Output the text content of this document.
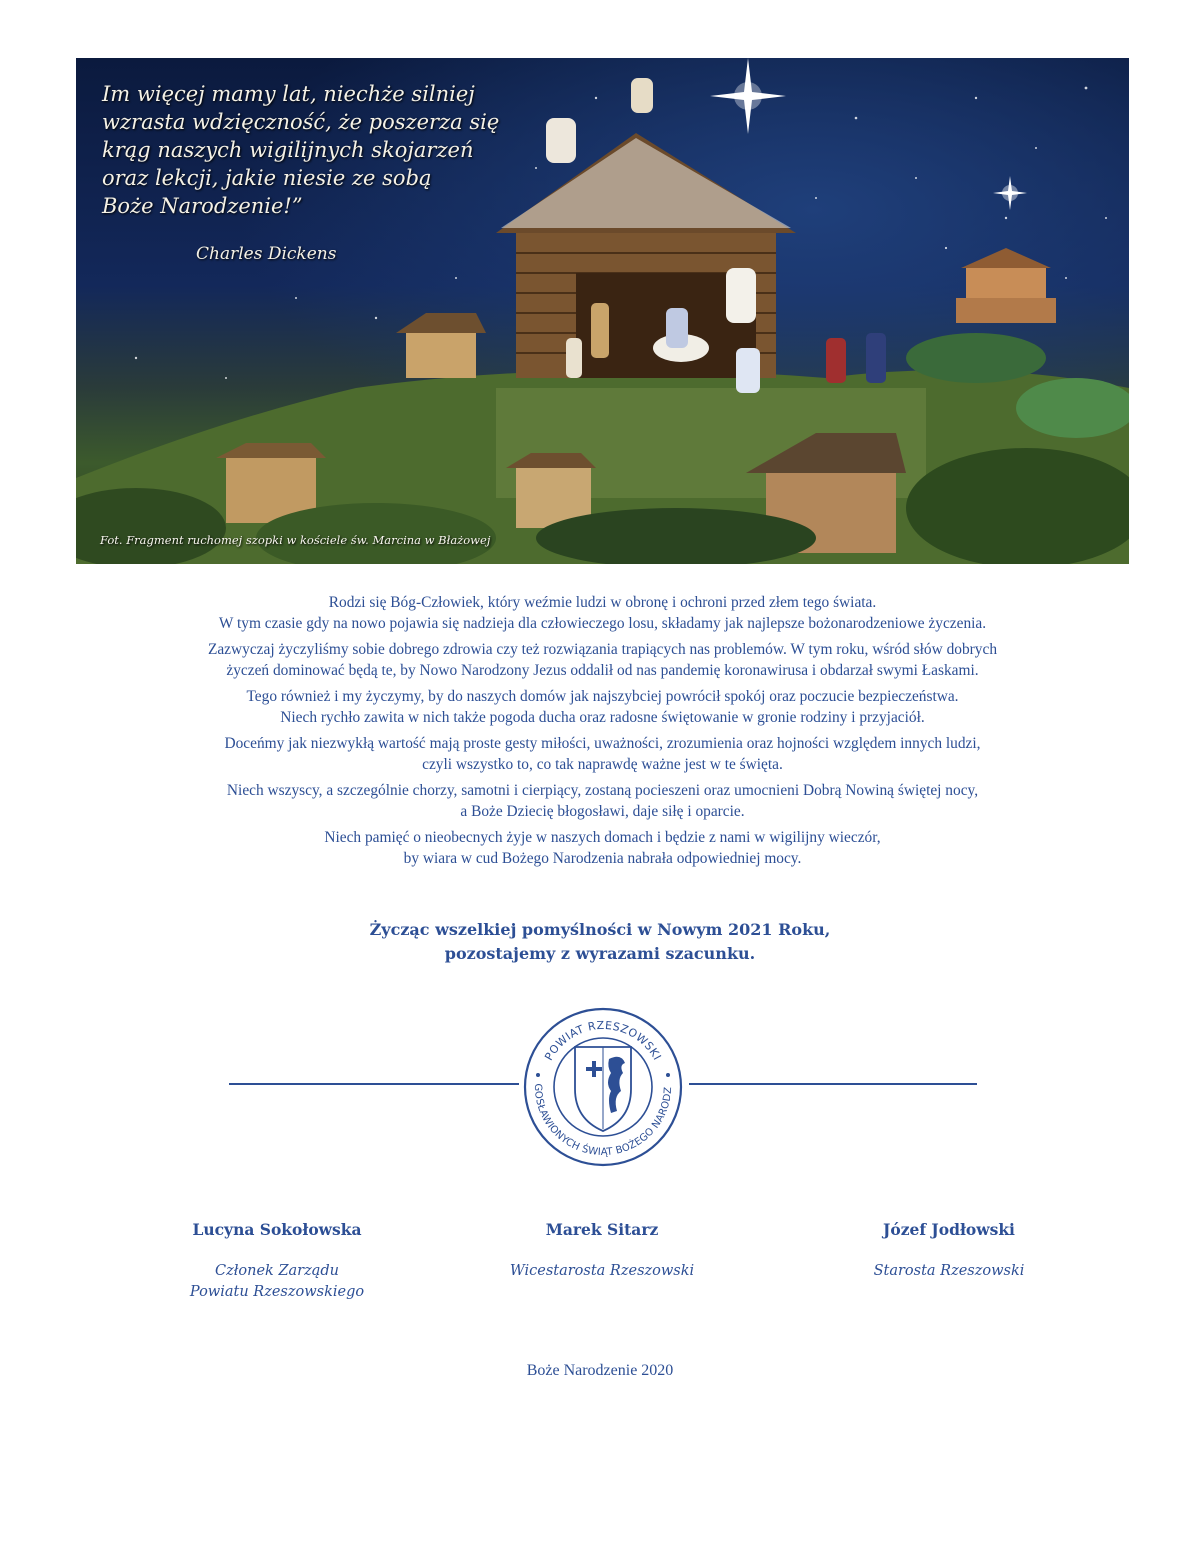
Im więcej mamy lat, niechże silniej
wzrasta wdzięczność, że poszerza się
krąg naszych wigilijnych skojarzeń
oraz lekcji, jakie niesie ze sobą
Boże Narodzenie!”
Charles Dickens
Fot. Fragment ruchomej szopki w kościele św. Marcina w Błażowej

Rodzi się Bóg-Człowiek, który weźmie ludzi w obronę i ochroni przed złem tego świata.
W tym czasie gdy na nowo pojawia się nadzieja dla człowieczego losu, składamy jak najlepsze bożonarodzeniowe życzenia.

Zazwyczaj życzyliśmy sobie dobrego zdrowia czy też rozwiązania trapiących nas problemów. W tym roku, wśród słów dobrych
życzeń dominować będą te, by Nowo Narodzony Jezus oddalił od nas pandemię koronawirusa i obdarzał swymi Łaskami.

Tego również i my życzymy, by do naszych domów jak najszybciej powrócił spokój oraz poczucie bezpieczeństwa.
Niech rychło zawita w nich także pogoda ducha oraz radosne świętowanie w gronie rodziny i przyjaciół.

Doceńmy jak niezwykłą wartość mają proste gesty miłości, uważności, zrozumienia oraz hojności względem innych ludzi,
czyli wszystko to, co tak naprawdę ważne jest w te święta.

Niech wszyscy, a szczególnie chorzy, samotni i cierpiący, zostaną pocieszeni oraz umocnieni Dobrą Nowiną świętej nocy,
a Boże Dziecię błogosławi, daje siłę i oparcie.

Niech pamięć o nieobecnych żyje w naszych domach i będzie z nami w wigilijny wieczór,
by wiara w cud Bożego Narodzenia nabrała odpowiedniej mocy.

Życząc wszelkiej pomyślności w Nowym 2021 Roku,
pozostajemy z wyrazami szacunku.
POWIAT RZESZOWSKI
GOSŁAWIONYCH ŚWIĄT BOŻEGO NARODZ
Lucyna Sokołowska
Członek Zarządu
Powiatu Rzeszowskiego
Marek Sitarz
Wicestarosta Rzeszowski
Józef Jodłowski
Starosta Rzeszowski
Boże Narodzenie 2020
